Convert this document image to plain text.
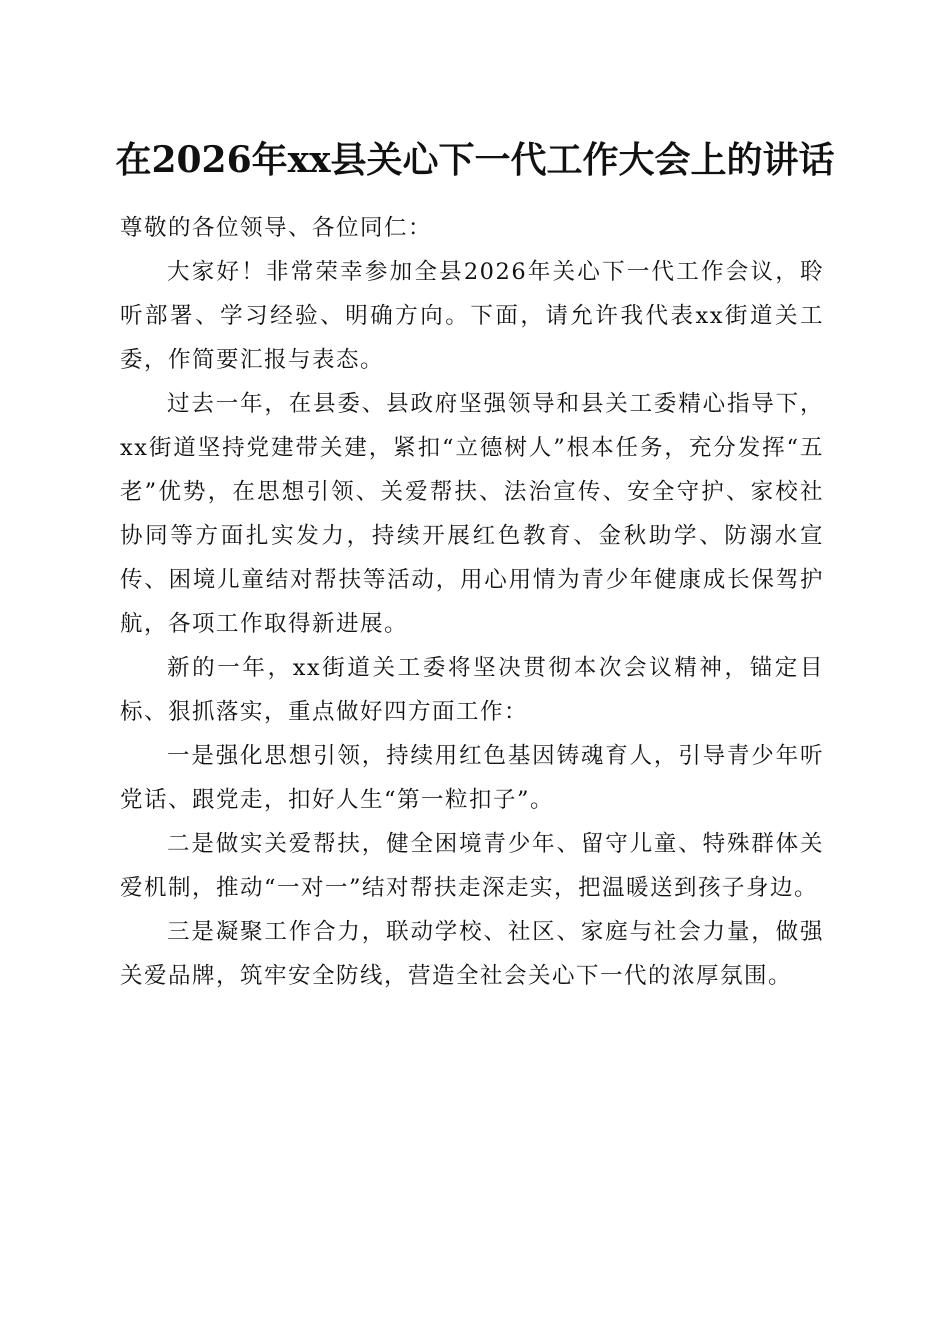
在2026年xx县关心下一代工作大会上的讲话

尊敬的各位领导、各位同仁：

大家好！非常荣幸参加全县2026年关心下一代工作会议，聆听部署、学习经验、明确方向。下面，请允许我代表xx街道关工委，作简要汇报与表态。

过去一年，在县委、县政府坚强领导和县关工委精心指导下，xx街道坚持党建带关建，紧扣“立德树人”根本任务，充分发挥“五老”优势，在思想引领、关爱帮扶、法治宣传、安全守护、家校社协同等方面扎实发力，持续开展红色教育、金秋助学、防溺水宣传、困境儿童结对帮扶等活动，用心用情为青少年健康成长保驾护航，各项工作取得新进展。

新的一年，xx街道关工委将坚决贯彻本次会议精神，锚定目标、狠抓落实，重点做好四方面工作：

一是强化思想引领，持续用红色基因铸魂育人，引导青少年听党话、跟党走，扣好人生“第一粒扣子”。

二是做实关爱帮扶，健全困境青少年、留守儿童、特殊群体关爱机制，推动“一对一”结对帮扶走深走实，把温暖送到孩子身边。

三是凝聚工作合力，联动学校、社区、家庭与社会力量，做强关爱品牌，筑牢安全防线，营造全社会关心下一代的浓厚氛围。
